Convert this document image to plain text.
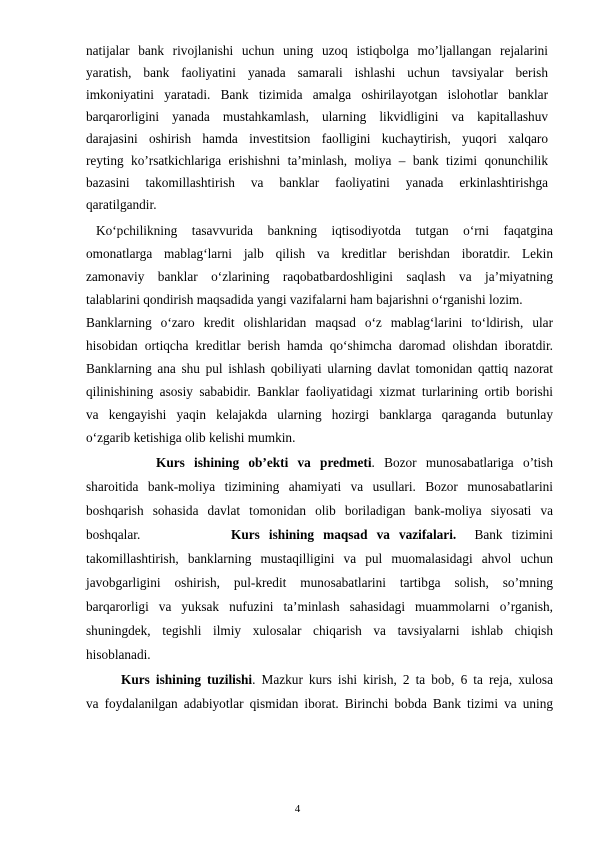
natijalar bank rivojlanishi uchun uning uzoq istiqbolga mo’ljallangan rejalarini
yaratish, bank faoliyatini yanada samarali ishlashi uchun tavsiyalar berish
imkoniyatini yaratadi. Bank tizimida amalga oshirilayotgan islohotlar banklar
barqarorligini yanada mustahkamlash, ularning likvidligini va kapitallashuv
darajasini oshirish hamda investitsion faolligini kuchaytirish, yuqori xalqaro
reyting ko’rsatkichlariga erishishni ta’minlash, moliya – bank tizimi qonunchilik
bazasini takomillashtirish va banklar faoliyatini yanada erkinlashtirishga
qaratilgandir.
Ko‘pchilikning tasavvurida bankning iqtisodiyotda tutgan o‘rni faqatgina
omonatlarga mablag‘larni jalb qilish va kreditlar berishdan iboratdir. Lekin
zamonaviy banklar o‘zlarining raqobatbardoshligini saqlash va ja’miyatning
talablarini qondirish maqsadida yangi vazifalarni ham bajarishni o‘rganishi lozim.
Banklarning o‘zaro kredit olishlaridan maqsad o‘z mablag‘larini to‘ldirish, ular
hisobidan ortiqcha kreditlar berish hamda qo‘shimcha daromad olishdan iboratdir.
Banklarning ana shu pul ishlash qobiliyati ularning davlat tomonidan qattiq nazorat
qilinishining asosiy sababidir. Banklar faoliyatidagi xizmat turlarining ortib borishi
va kengayishi yaqin kelajakda ularning hozirgi banklarga qaraganda butunlay
o‘zgarib ketishiga olib kelishi mumkin.
Kurs ishining ob’ekti va predmeti. Bozor munosabatlariga o’tish
sharoitida bank-moliya tizimining ahamiyati va usullari. Bozor munosabatlarini
boshqarish sohasida davlat tomonidan olib boriladigan bank-moliya siyosati va
boshqalar.	Kurs ishining maqsad va vazifalari. Bank tizimini
takomillashtirish, banklarning mustaqilligini va pul muomalasidagi ahvol uchun
javobgarligini oshirish, pul-kredit munosabatlarini tartibga solish, so’mning
barqarorligi va yuksak nufuzini ta’minlash sahasidagi muammolarni o’rganish,
shuningdek, tegishli ilmiy xulosalar chiqarish va tavsiyalarni ishlab chiqish
hisoblanadi.
Kurs ishining tuzilishi. Mazkur kurs ishi kirish, 2 ta bob, 6 ta reja, xulosa
va foydalanilgan adabiyotlar qismidan iborat. Birinchi bobda Bank tizimi va uning
4
